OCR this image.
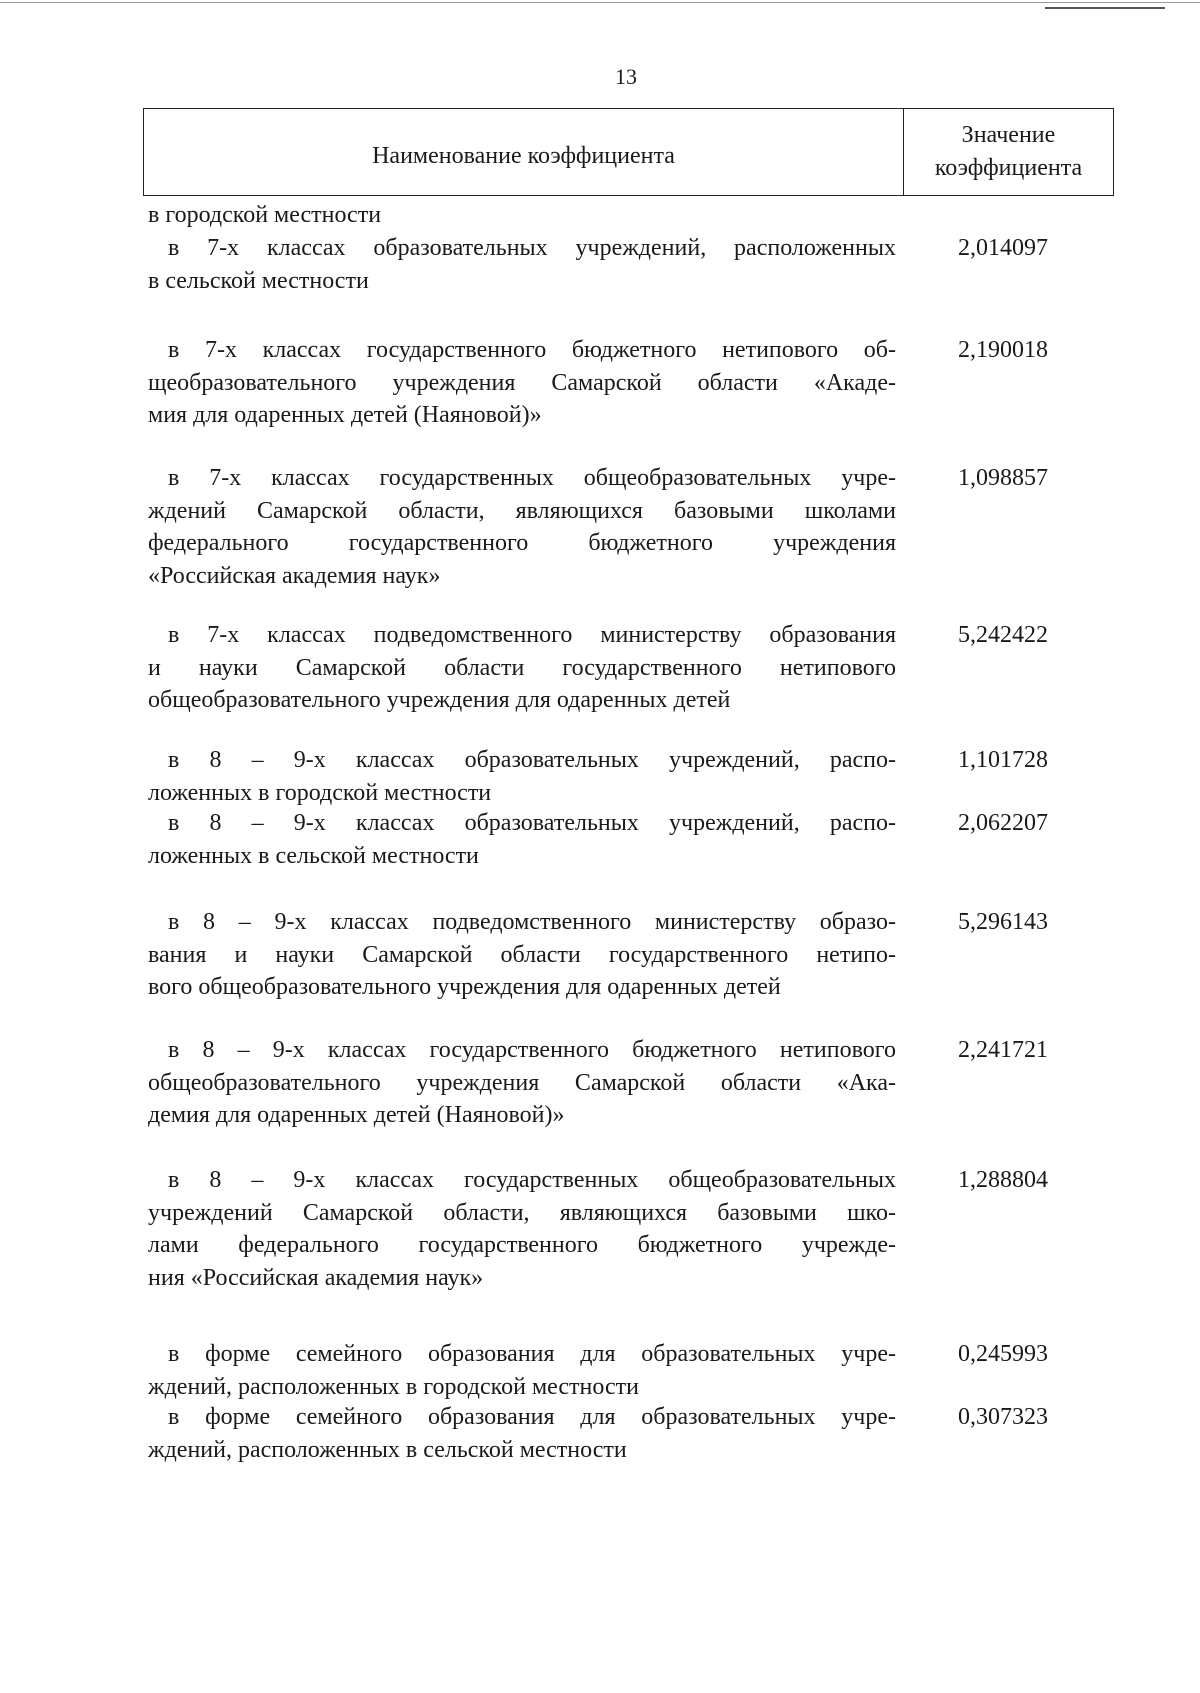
13
Наименование коэффициента
Значение
коэффициента
в городской местности
в 7-х классах образовательных учреждений, расположенных
в сельской местности
2,014097
в 7-х классах государственного бюджетного нетипового об-
щеобразовательного учреждения Самарской области «Акаде-
мия для одаренных детей (Наяновой)»
2,190018
в 7-х классах государственных общеобразовательных учре-
ждений Самарской области, являющихся базовыми школами
федерального государственного бюджетного учреждения
«Российская академия наук»
1,098857
в 7-х классах подведомственного министерству образования
и науки Самарской области государственного нетипового
общеобразовательного учреждения для одаренных детей
5,242422
в 8 – 9-х классах образовательных учреждений, распо-
ложенных в городской местности
1,101728
в 8 – 9-х классах образовательных учреждений, распо-
ложенных в сельской местности
2,062207
в 8 – 9-х классах подведомственного министерству образо-
вания и науки Самарской области государственного нетипо-
вого общеобразовательного учреждения для одаренных детей
5,296143
в 8 – 9-х классах государственного бюджетного нетипового
общеобразовательного учреждения Самарской области «Ака-
демия для одаренных детей (Наяновой)»
2,241721
в 8 – 9-х классах государственных общеобразовательных
учреждений Самарской области, являющихся базовыми шко-
лами федерального государственного бюджетного учрежде-
ния «Российская академия наук»
1,288804
в форме семейного образования для образовательных учре-
ждений, расположенных в городской местности
0,245993
в форме семейного образования для образовательных учре-
ждений, расположенных в сельской местности
0,307323
